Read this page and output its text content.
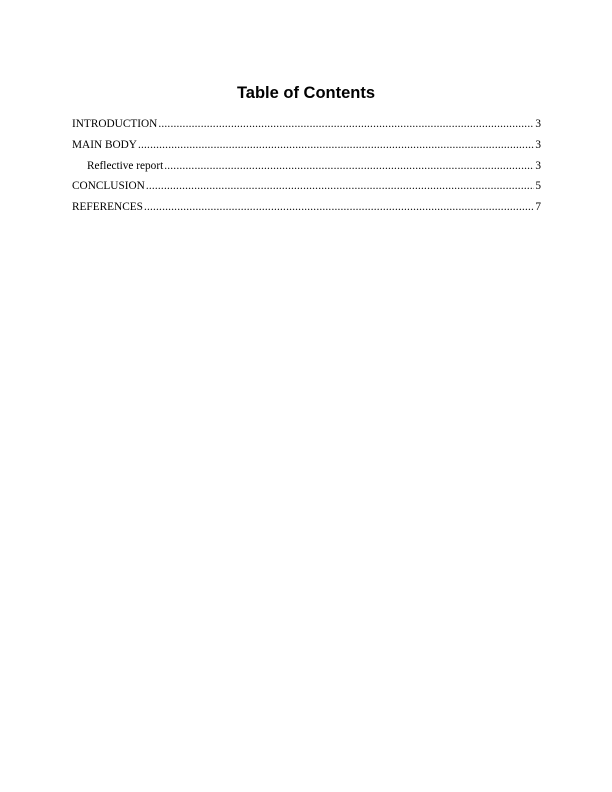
Table of Contents
INTRODUCTION .....	3
MAIN BODY .....	3
Reflective report .....	3
CONCLUSION .....	5
REFERENCES .....	7
